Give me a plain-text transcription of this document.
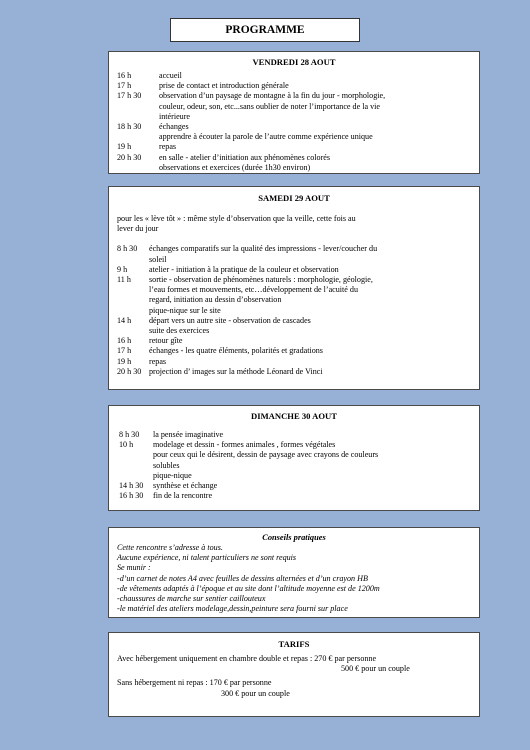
PROGRAMME
VENDREDI 28 AOUT
16 h	accueil
17 h	prise de contact et introduction générale
17 h 30	observation d’un paysage de montagne à la fin du jour - morphologie,
couleur, odeur, son, etc...sans oublier de noter l’importance de la vie
intérieure
18 h 30	échanges
apprendre à écouter la parole de l’autre comme expérience unique
19 h	repas
20 h 30	en salle - atelier d’initiation aux phénomènes colorés
observations et exercices (durée 1h30 environ)
SAMEDI 29 AOUT
pour les « lève tôt » : même style d’observation que la veille, cette fois au
lever du jour
8 h 30	échanges comparatifs sur la qualité des impressions - lever/coucher du
soleil
9 h	atelier - initiation à la pratique de la couleur et observation
11 h	sortie - observation de phénomènes naturels : morphologie, géologie,
l’eau formes et mouvements, etc…développement de l’acuité du
regard, initiation au dessin d’observation
pique-nique sur le site
14 h	départ vers un autre site - observation de cascades
suite des exercices
16 h	retour gîte
17 h	échanges - les quatre éléments, polarités et gradations
19 h	repas
20 h 30 projection d’ images sur la méthode Léonard de Vinci
DIMANCHE 30 AOUT
8 h 30	la pensée imaginative
10 h	modelage et dessin - formes animales , formes végétales
pour ceux qui le désirent, dessin de paysage avec crayons de couleurs
solubles
pique-nique
14 h 30	synthèse et échange
16 h 30	fin de la rencontre
Conseils pratiques
Cette rencontre s’adresse à tous.
Aucune expérience, ni talent particuliers ne sont requis
Se munir :
-d’un carnet de notes A4 avec feuilles de dessins alternées et d’un crayon HB
-de vêtements adaptés à l’époque et au site dont l’altitude moyenne est de 1200m
-chaussures de marche sur sentier caillouteux
-le matériel des ateliers modelage,dessin,peinture sera fourni sur place
TARIFS
Avec hébergement uniquement en chambre double et repas : 270 € par personne
500 € pour un couple
Sans hébergement ni repas : 170 € par personne
300 € pour un couple
